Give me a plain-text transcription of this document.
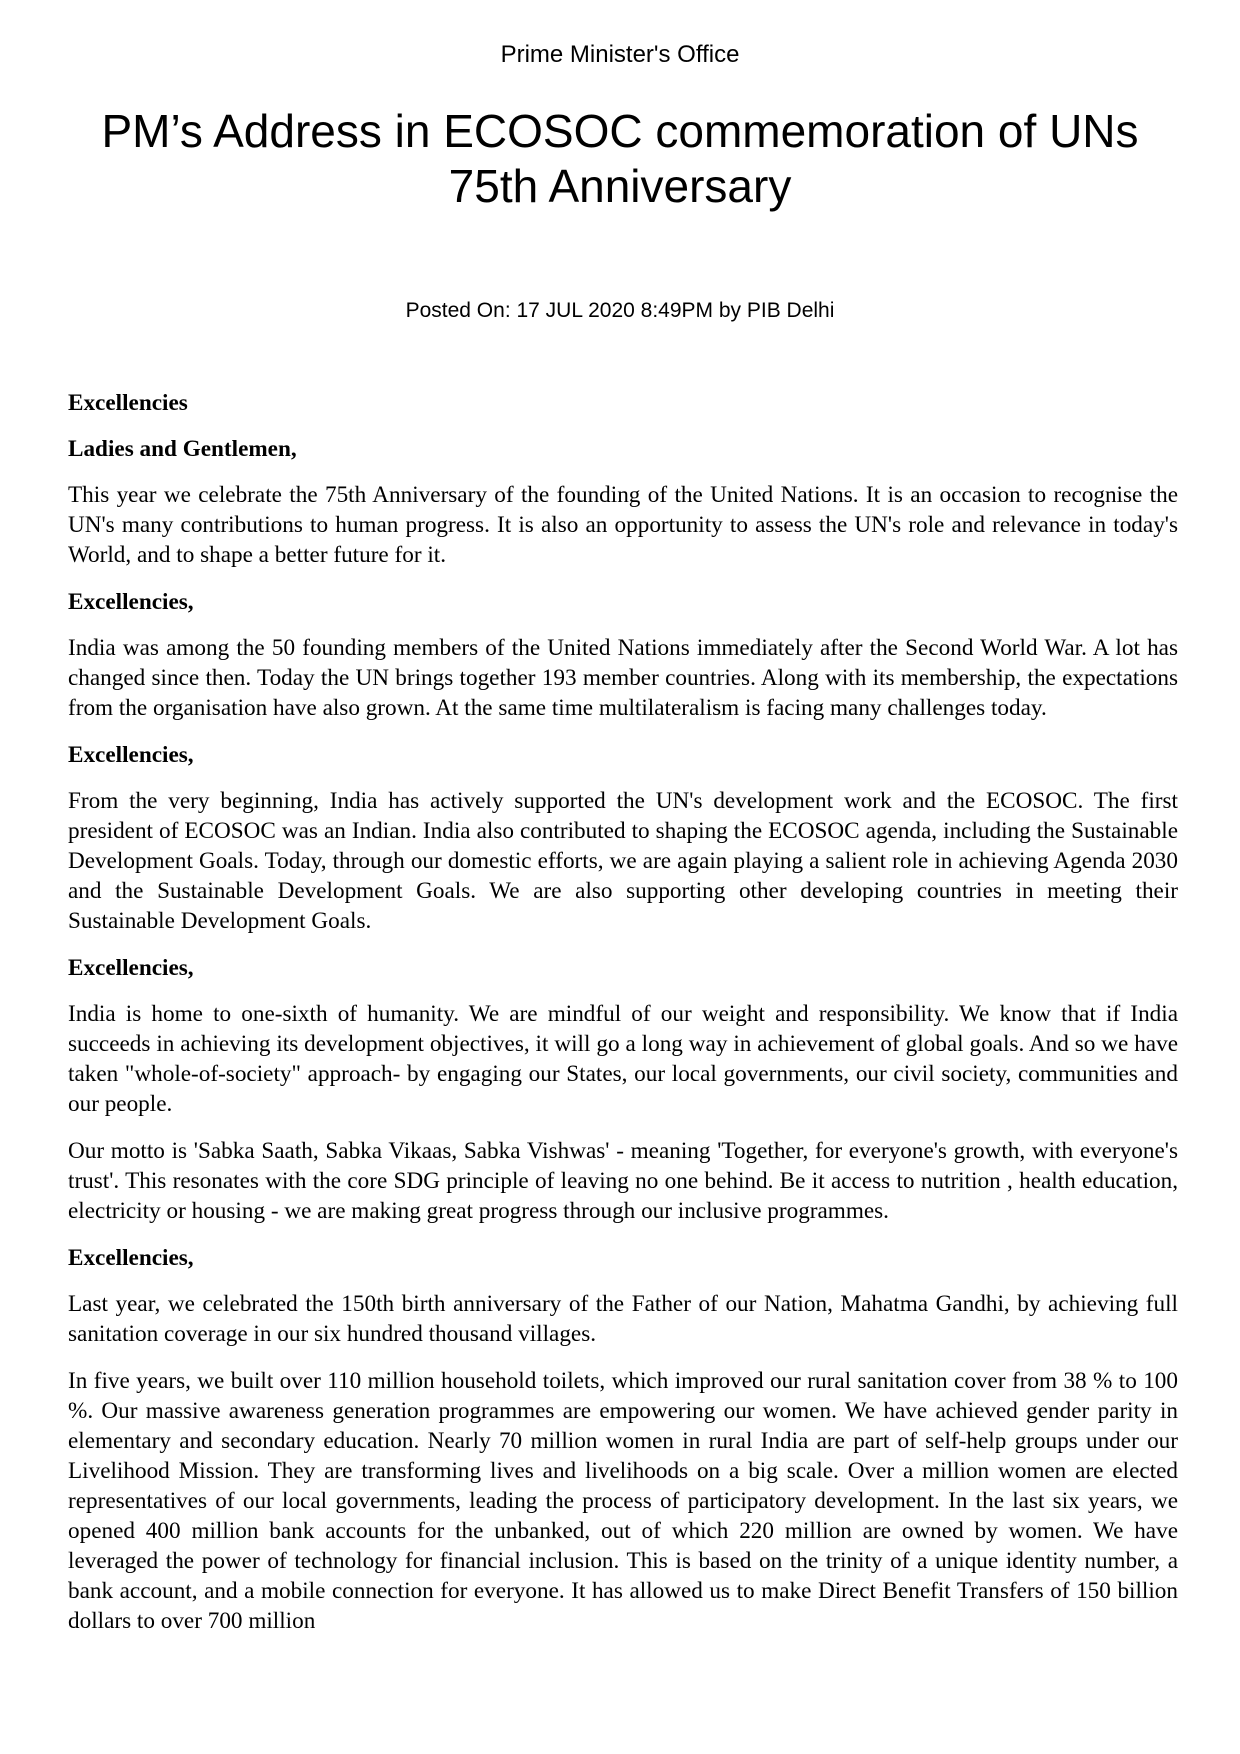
Prime Minister's Office
PM’s Address in ECOSOC commemoration of UNs 75th Anniversary
Posted On: 17 JUL 2020 8:49PM by PIB Delhi

Excellencies

Ladies and Gentlemen,

This year we celebrate the 75th Anniversary of the founding of the United Nations. It is an occasion to recognise the UN's many contributions to human progress. It is also an opportunity to assess the UN's role and relevance in today's World, and to shape a better future for it.

Excellencies,

India was among the 50 founding members of the United Nations immediately after the Second World War. A lot has changed since then. Today the UN brings together 193 member countries. Along with its membership, the expectations from the organisation have also grown. At the same time multilateralism is facing many challenges today.

Excellencies,

From the very beginning, India has actively supported the UN's development work and the ECOSOC. The first president of ECOSOC was an Indian. India also contributed to shaping the ECOSOC agenda, including the Sustainable Development Goals. Today, through our domestic efforts, we are again playing a salient role in achieving Agenda 2030 and the Sustainable Development Goals. We are also supporting other developing countries in meeting their Sustainable Development Goals.

Excellencies,

India is home to one-sixth of humanity. We are mindful of our weight and responsibility. We know that if India succeeds in achieving its development objectives, it will go a long way in achievement of global goals. And so we have taken "whole-of-society" approach- by engaging our States, our local governments, our civil society, communities and our people.

Our motto is 'Sabka Saath, Sabka Vikaas, Sabka Vishwas' - meaning 'Together, for everyone's growth, with everyone's trust'. This resonates with the core SDG principle of leaving no one behind. Be it access to nutrition , health education, electricity or housing - we are making great progress through our inclusive programmes.

Excellencies,

Last year, we celebrated the 150th birth anniversary of the Father of our Nation, Mahatma Gandhi, by achieving full sanitation coverage in our six hundred thousand villages.

In five years, we built over 110 million household toilets, which improved our rural sanitation cover from 38 % to 100 %. Our massive awareness generation programmes are empowering our women. We have achieved gender parity in elementary and secondary education. Nearly 70 million women in rural India are part of self-help groups under our Livelihood Mission. They are transforming lives and livelihoods on a big scale. Over a million women are elected representatives of our local governments, leading the process of participatory development. In the last six years, we opened 400 million bank accounts for the unbanked, out of which 220 million are owned by women. We have leveraged the power of technology for financial inclusion. This is based on the trinity of a unique identity number, a bank account, and a mobile connection for everyone. It has allowed us to make Direct Benefit Transfers of 150 billion dollars to over 700 million
